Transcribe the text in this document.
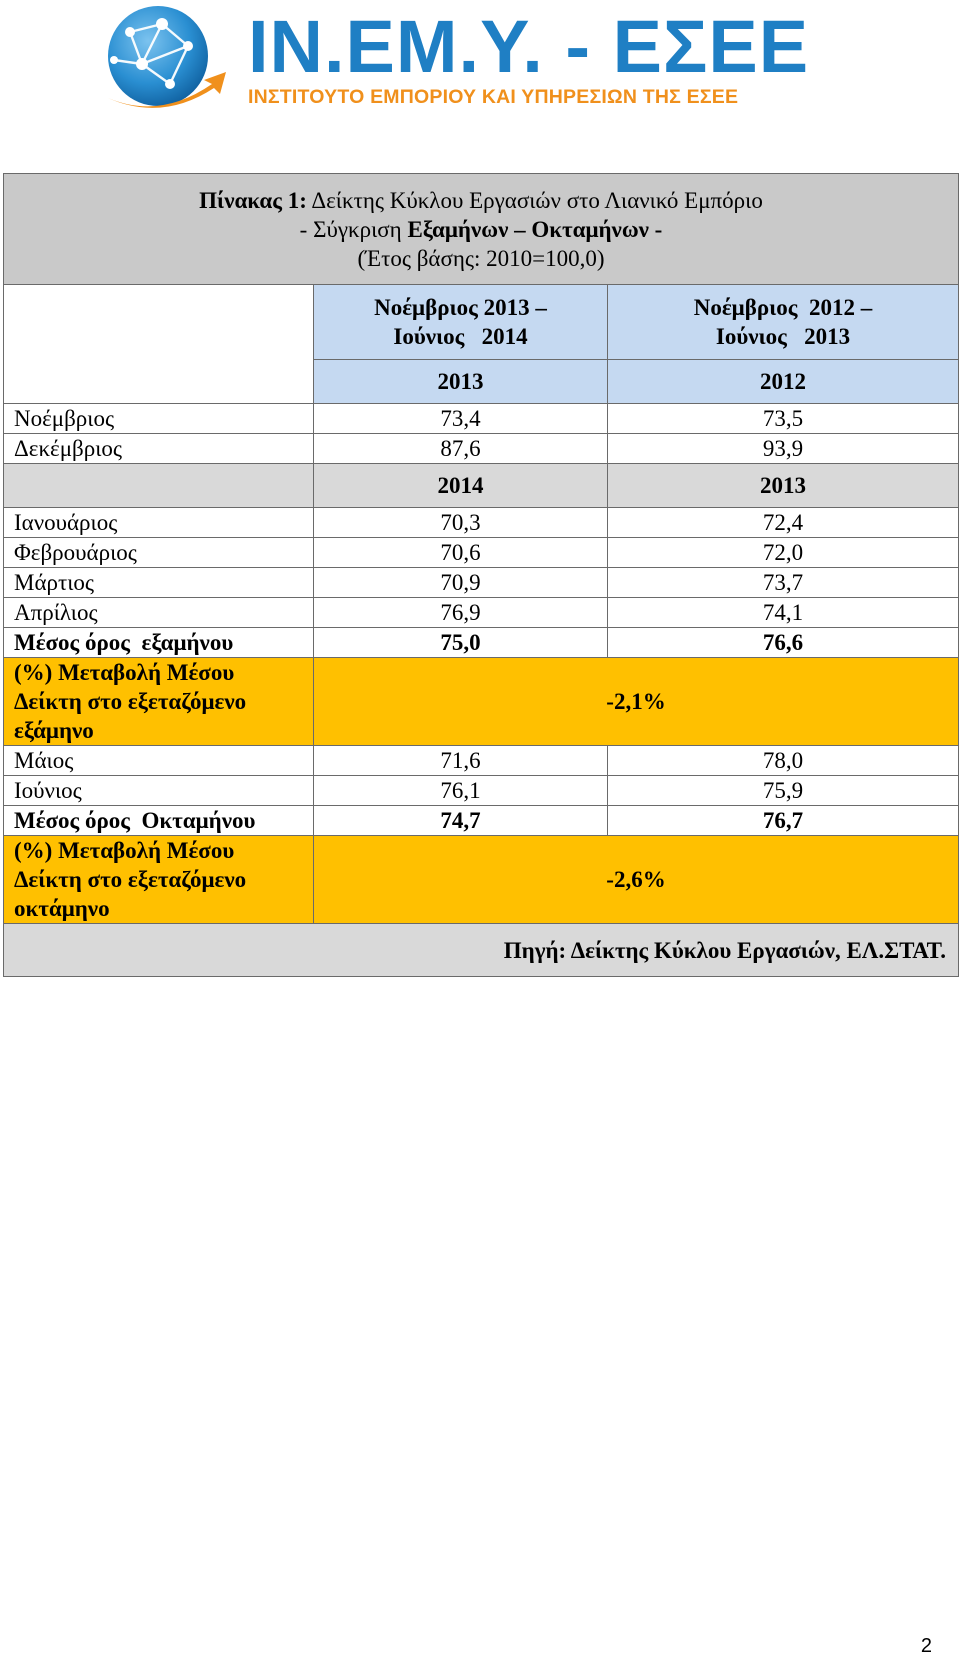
IN.EM.Y. - ΕΣΕΕ
ΙΝΣΤΙΤΟΥΤΟ ΕΜΠΟΡΙΟΥ ΚΑΙ ΥΠΗΡΕΣΙΩΝ ΤΗΣ ΕΣΕΕ
Πίνακας 1: Δείκτης Κύκλου Εργασιών στο Λιανικό Εμπόριο
- Σύγκριση Εξαμήνων – Οκταμήνων -
(Έτος βάσης: 2010=100,0)		

	Νοέμβριος 2013 –
Ιούνιος   2014	Νοέμβριος  2012 –
Ιούνιος   2013
	2013	2012
Νοέμβριος	73,4	73,5
Δεκέμβριος	87,6	93,9
	2014	2013
Ιανουάριος	70,3	72,4
Φεβρουάριος	70,6	72,0
Μάρτιος	70,9	73,7
Απρίλιος	76,9	74,1
Μέσος όρος  εξαμήνου	75,0	76,6
(%) Μεταβολή Μέσου
Δείκτη στο εξεταζόμενο
εξάμηνο	-2,1%	
Μάιος	71,6	78,0
Ιούνιος	76,1	75,9
Μέσος όρος  Οκταμήνου	74,7	76,7
(%) Μεταβολή Μέσου
Δείκτη στο εξεταζόμενο
οκτάμηνο	-2,6%	
Πηγή: Δείκτης Κύκλου Εργασιών, ΕΛ.ΣΤΑΤ.		
2
